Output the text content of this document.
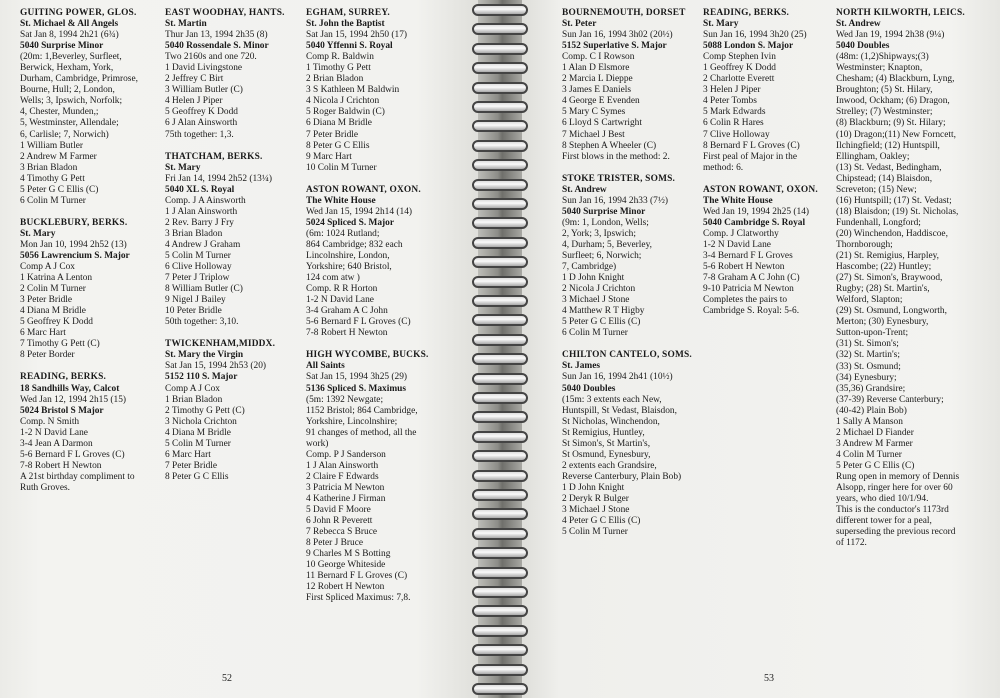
GUITING POWER, GLOS.
St. Michael & All Angels
Sat Jan 8, 1994 2h21 (6¾)
5040 Surprise Minor
(20m: 1,Beverley, Surfleet,
Berwick, Hexham, York,
Durham, Cambridge, Primrose,
Bourne, Hull; 2, London,
Wells; 3, Ipswich, Norfolk;
4, Chester, Munden,;
5, Westminster, Allendale;
6, Carlisle; 7, Norwich)
1 William Butler
2 Andrew M Farmer
3 Brian Bladon
4 Timothy G Pett
5 Peter G C Ellis (C)
6 Colin M Turner
BUCKLEBURY, BERKS.
St. Mary
Mon Jan 10, 1994 2h52 (13)
5056 Lawrencium S. Major
Comp A J Cox
1 Katrina A Lenton
2 Colin M Turner
3 Peter Bridle
4 Diana M Bridle
5 Geoffrey K Dodd
6 Marc Hart
7 Timothy G Pett (C)
8 Peter Border
READING, BERKS.
18 Sandhills Way, Calcot
Wed Jan 12, 1994 2h15 (15)
5024 Bristol S Major
Comp. N Smith
1-2 N David Lane
3-4 Jean A Darmon
5-6 Bernard F L Groves (C)
7-8 Robert H Newton
A 21st birthday compliment to
Ruth Groves.
EAST WOODHAY, HANTS.
St. Martin
Thur Jan 13, 1994 2h35 (8)
5040 Rossendale S. Minor
Two 2160s and one 720.
1 David Livingstone
2 Jeffrey C Birt
3 William Butler (C)
4 Helen J Piper
5 Geoffrey K Dodd
6 J Alan Ainsworth
75th together: 1,3.
THATCHAM, BERKS.
St. Mary
Fri Jan 14, 1994 2h52 (13¼)
5040 XL S. Royal
Comp. J A Ainsworth
1 J Alan Ainsworth
2 Rev. Barry J Fry
3 Brian Bladon
4 Andrew J Graham
5 Colin M Turner
6 Clive Holloway
7 Peter J Triplow
8 William Butler (C)
9 Nigel J Bailey
10 Peter Bridle
50th together: 3,10.
TWICKENHAM,MIDDX.
St. Mary the Virgin
Sat Jan 15, 1994 2h53 (20)
5152 110 S. Major
Comp A J Cox
1 Brian Bladon
2 Timothy G Pett (C)
3 Nichola Crichton
4 Diana M Bridle
5 Colin M Turner
6 Marc Hart
7 Peter Bridle
8 Peter G C Ellis
EGHAM, SURREY.
St. John the Baptist
Sat Jan 15, 1994 2h50 (17)
5040 Yffenni S. Royal
Comp R. Baldwin
1 Timothy G Pett
2 Brian Bladon
3 S Kathleen M Baldwin
4 Nicola J Crichton
5 Roger Baldwin (C)
6 Diana M Bridle
7 Peter Bridle
8 Peter G C Ellis
9 Marc Hart
10 Colin M Turner
ASTON ROWANT, OXON.
The White House
Wed Jan 15, 1994 2h14 (14)
5024 Spliced S. Major
(6m: 1024 Rutland;
864 Cambridge; 832 each
Lincolnshire, London,
Yorkshire; 640 Bristol,
124 com atw )
Comp. R R Horton
1-2 N David Lane
3-4 Graham A C John
5-6 Bernard F L Groves (C)
7-8 Robert H Newton
HIGH WYCOMBE, BUCKS.
All Saints
Sat Jan 15, 1994 3h25 (29)
5136 Spliced S. Maximus
(5m: 1392 Newgate;
1152 Bristol; 864 Cambridge,
Yorkshire, Lincolnshire;
91 changes of method, all the
work)
Comp. P J Sanderson
1 J Alan Ainsworth
2 Claire F Edwards
3 Patricia M Newton
4 Katherine J Firman
5 David F Moore
6 John R Peverett
7 Rebecca S Bruce
8 Peter J Bruce
9 Charles M S Botting
10 George Whiteside
11 Bernard F L Groves (C)
12 Robert H Newton
First Spliced Maximus: 7,8.
52
BOURNEMOUTH, DORSET
St. Peter
Sun Jan 16, 1994 3h02 (20½)
5152 Superlative S. Major
Comp. C I Rowson
1 Alan D Elsmore
2 Marcia L Dieppe
3 James E Daniels
4 George E Evenden
5 Mary C Symes
6 Lloyd S Cartwright
7 Michael J Best
8 Stephen A Wheeler (C)
First blows in the method: 2.
STOKE TRISTER, SOMS.
St. Andrew
Sun Jan 16, 1994 2h33 (7½)
5040 Surprise Minor
(9m: 1, London, Wells;
2, York; 3, Ipswich;
4, Durham; 5, Beverley,
Surfleet; 6, Norwich;
7, Cambridge)
1 D John Knight
2 Nicola J Crichton
3 Michael J Stone
4 Matthew R T Higby
5 Peter G C Ellis (C)
6 Colin M Turner
CHILTON CANTELO, SOMS.
St. James
Sun Jan 16, 1994 2h41 (10½)
5040 Doubles
(15m: 3 extents each New,
Huntspill, St Vedast, Blaisdon,
St Nicholas, Winchendon,
St Remigius, Huntley,
St Simon's, St Martin's,
St Osmund, Eynesbury,
2 extents each Grandsire,
Reverse Canterbury, Plain Bob)
1 D John Knight
2 Deryk R Bulger
3 Michael J Stone
4 Peter G C Ellis (C)
5 Colin M Turner
READING, BERKS.
St. Mary
Sun Jan 16, 1994 3h20 (25)
5088 London S. Major
Comp Stephen Ivin
1 Geoffrey K Dodd
2 Charlotte Everett
3 Helen J Piper
4 Peter Tombs
5 Mark Edwards
6 Colin R Hares
7 Clive Holloway
8 Bernard F L Groves (C)
First peal of Major in the
method: 6.
ASTON ROWANT, OXON.
The White House
Wed Jan 19, 1994 2h25 (14)
5040 Cambridge S. Royal
Comp. J Clatworthy
1-2 N David Lane
3-4 Bernard F L Groves
5-6 Robert H Newton
7-8 Graham A C John (C)
9-10 Patricia M Newton
Completes the pairs to
Cambridge S. Royal: 5-6.
NORTH KILWORTH, LEICS.
St. Andrew
Wed Jan 19, 1994 2h38 (9¼)
5040 Doubles
(48m: (1,2)Shipways;(3)
Westminster; Knapton,
Chesham; (4) Blackburn, Lyng,
Broughton; (5) St. Hilary,
Inwood, Ockham; (6) Dragon,
Strelley; (7) Westminster;
(8) Blackburn; (9) St. Hilary;
(10) Dragon;(11) New Forncett,
Ilchingfield; (12) Huntspill,
Ellingham, Oakley;
(13) St. Vedast, Bedingham,
Chipstead; (14) Blaisdon,
Screveton; (15) New;
(16) Huntspill; (17) St. Vedast;
(18) Blaisdon; (19) St. Nicholas,
Fundenhall, Longford;
(20) Winchendon, Haddiscoe,
Thornborough;
(21) St. Remigius, Harpley,
Hascombe; (22) Huntley;
(27) St. Simon's, Braywood,
Rugby; (28) St. Martin's,
Welford, Slapton;
(29) St. Osmund, Longworth,
Merton; (30) Eynesbury,
Sutton-upon-Trent;
(31) St. Simon's;
(32) St. Martin's;
(33) St. Osmund;
(34) Eynesbury;
(35,36) Grandsire;
(37-39) Reverse Canterbury;
(40-42) Plain Bob)
1 Sally A Manson
2 Michael D Fiander
3 Andrew M Farmer
4 Colin M Turner
5 Peter G C Ellis (C)
Rung open in memory of Dennis
Alsopp, ringer here for over 60
years, who died 10/1/94.
This is the conductor's 1173rd
different tower for a peal,
superseding the previous record
of 1172.
53
